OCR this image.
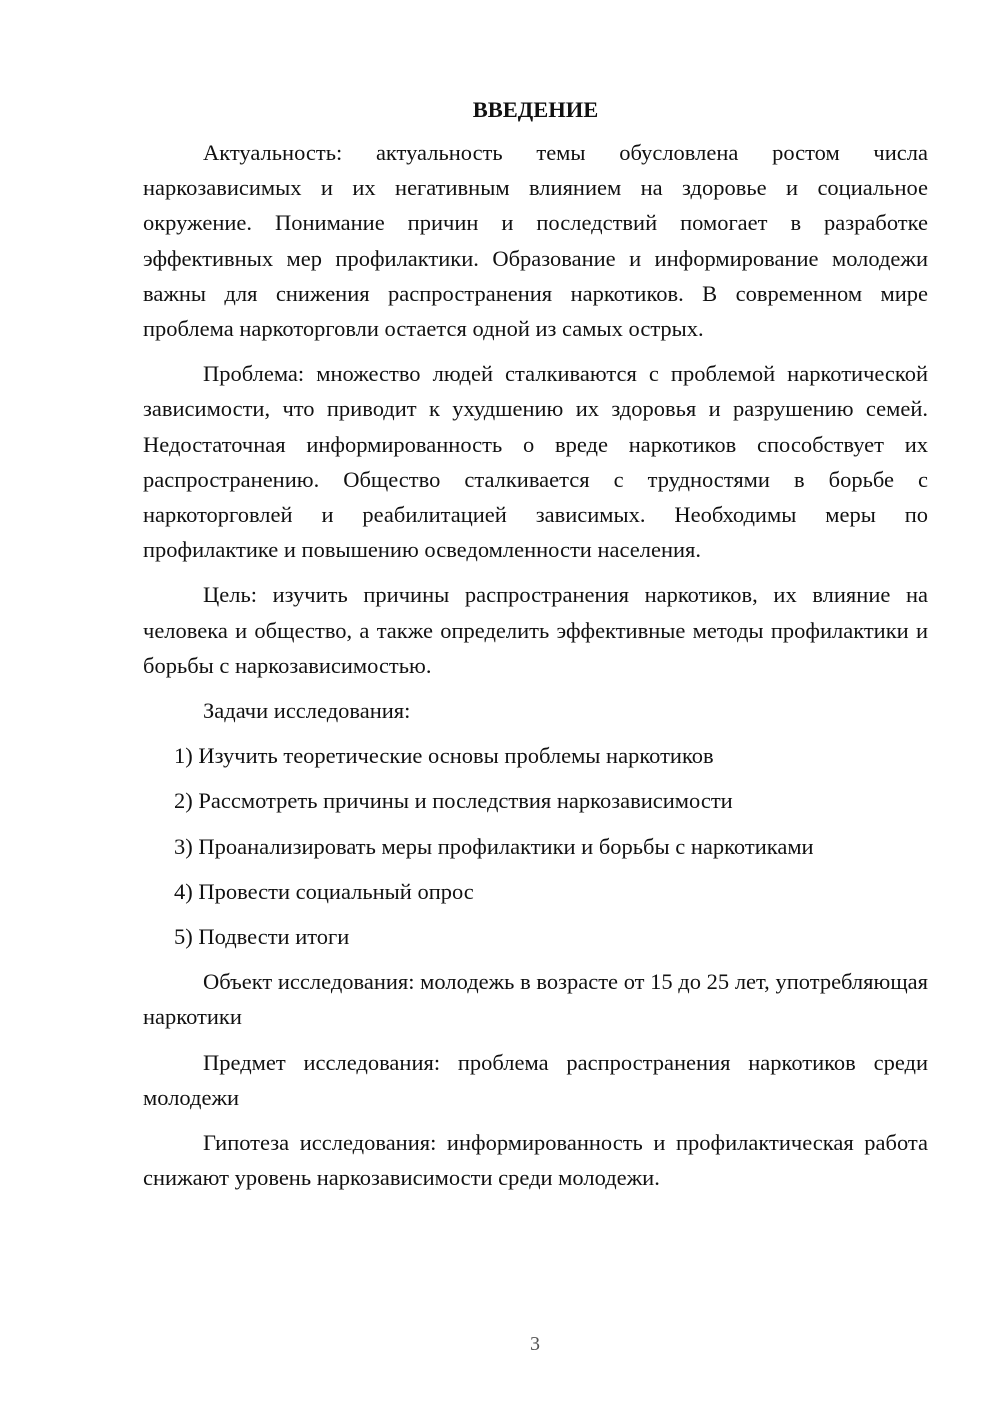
ВВЕДЕНИЕ

Актуальность: актуальность темы обусловлена ростом числа наркозависимых и их негативным влиянием на здоровье и социальное окружение. Понимание причин и последствий помогает в разработке эффективных мер профилактики. Образование и информирование молодежи важны для снижения распространения наркотиков. В современном мире проблема наркоторговли остается одной из самых острых.

Проблема: множество людей сталкиваются с проблемой наркотической зависимости, что приводит к ухудшению их здоровья и разрушению семей. Недостаточная информированность о вреде наркотиков способствует их распространению. Общество сталкивается с трудностями в борьбе с наркоторговлей и реабилитацией зависимых. Необходимы меры по профилактике и повышению осведомленности населения.

Цель: изучить причины распространения наркотиков, их влияние на человека и общество, а также определить эффективные методы профилактики и борьбы с наркозависимостью.

Задачи исследования:

1) Изучить теоретические основы проблемы наркотиков
2) Рассмотреть причины и последствия наркозависимости
3) Проанализировать меры профилактики и борьбы с наркотиками
4) Провести социальный опрос
5) Подвести итоги

Объект исследования: молодежь в возрасте от 15 до 25 лет, употребляющая наркотики

Предмет исследования: проблема распространения наркотиков среди молодежи

Гипотеза исследования: информированность и профилактическая работа снижают уровень наркозависимости среди молодежи.

3
